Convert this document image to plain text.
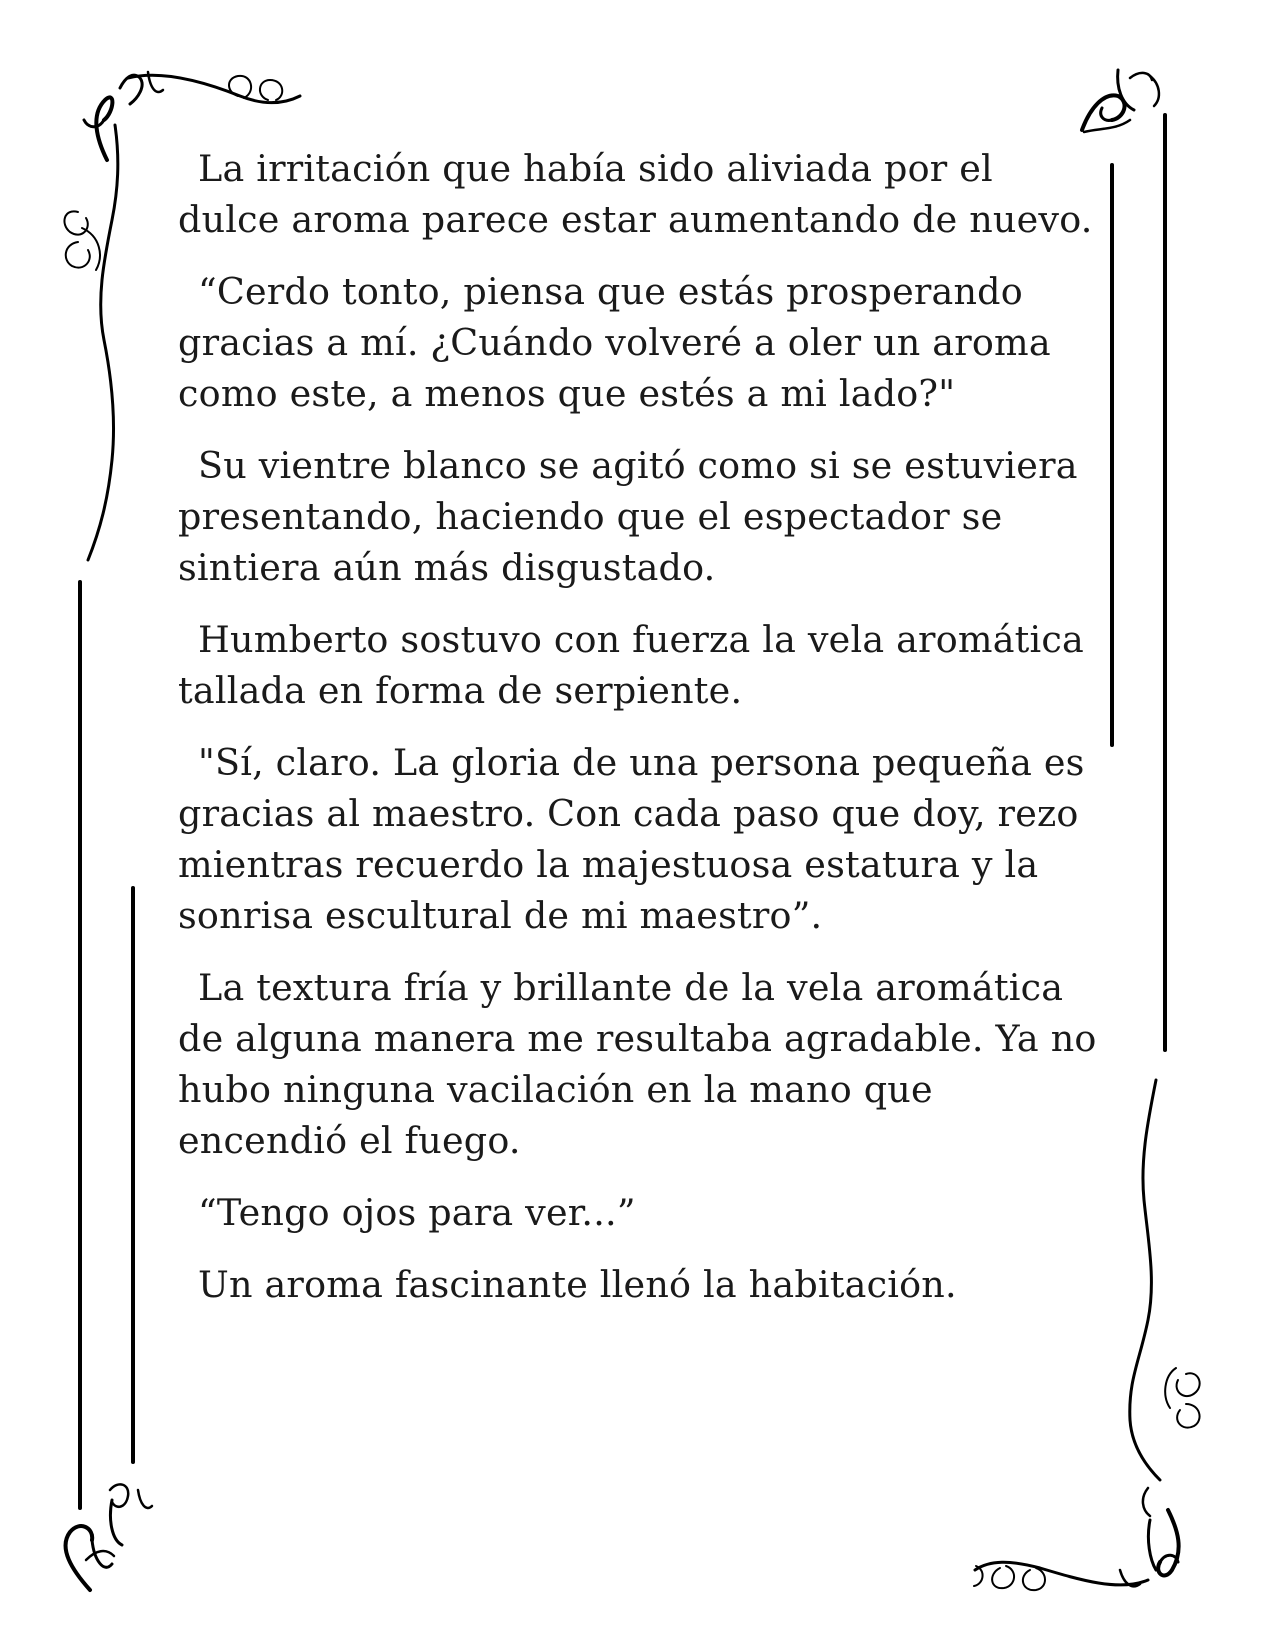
La irritación que había sido aliviada por el dulce aroma parece estar aumentando de nuevo.

“Cerdo tonto, piensa que estás prosperando gracias a mí. ¿Cuándo volveré a oler un aroma como este, a menos que estés a mi lado?"

Su vientre blanco se agitó como si se estuviera presentando, haciendo que el espectador se sintiera aún más disgustado.

Humberto sostuvo con fuerza la vela aromática tallada en forma de serpiente.

"Sí, claro. La gloria de una persona pequeña es gracias al maestro. Con cada paso que doy, rezo mientras recuerdo la majestuosa estatura y la sonrisa escultural de mi maestro”.

La textura fría y brillante de la vela aromática de alguna manera me resultaba agradable. Ya no hubo ninguna vacilación en la mano que encendió el fuego.

“Tengo ojos para ver...”

Un aroma fascinante llenó la habitación.
